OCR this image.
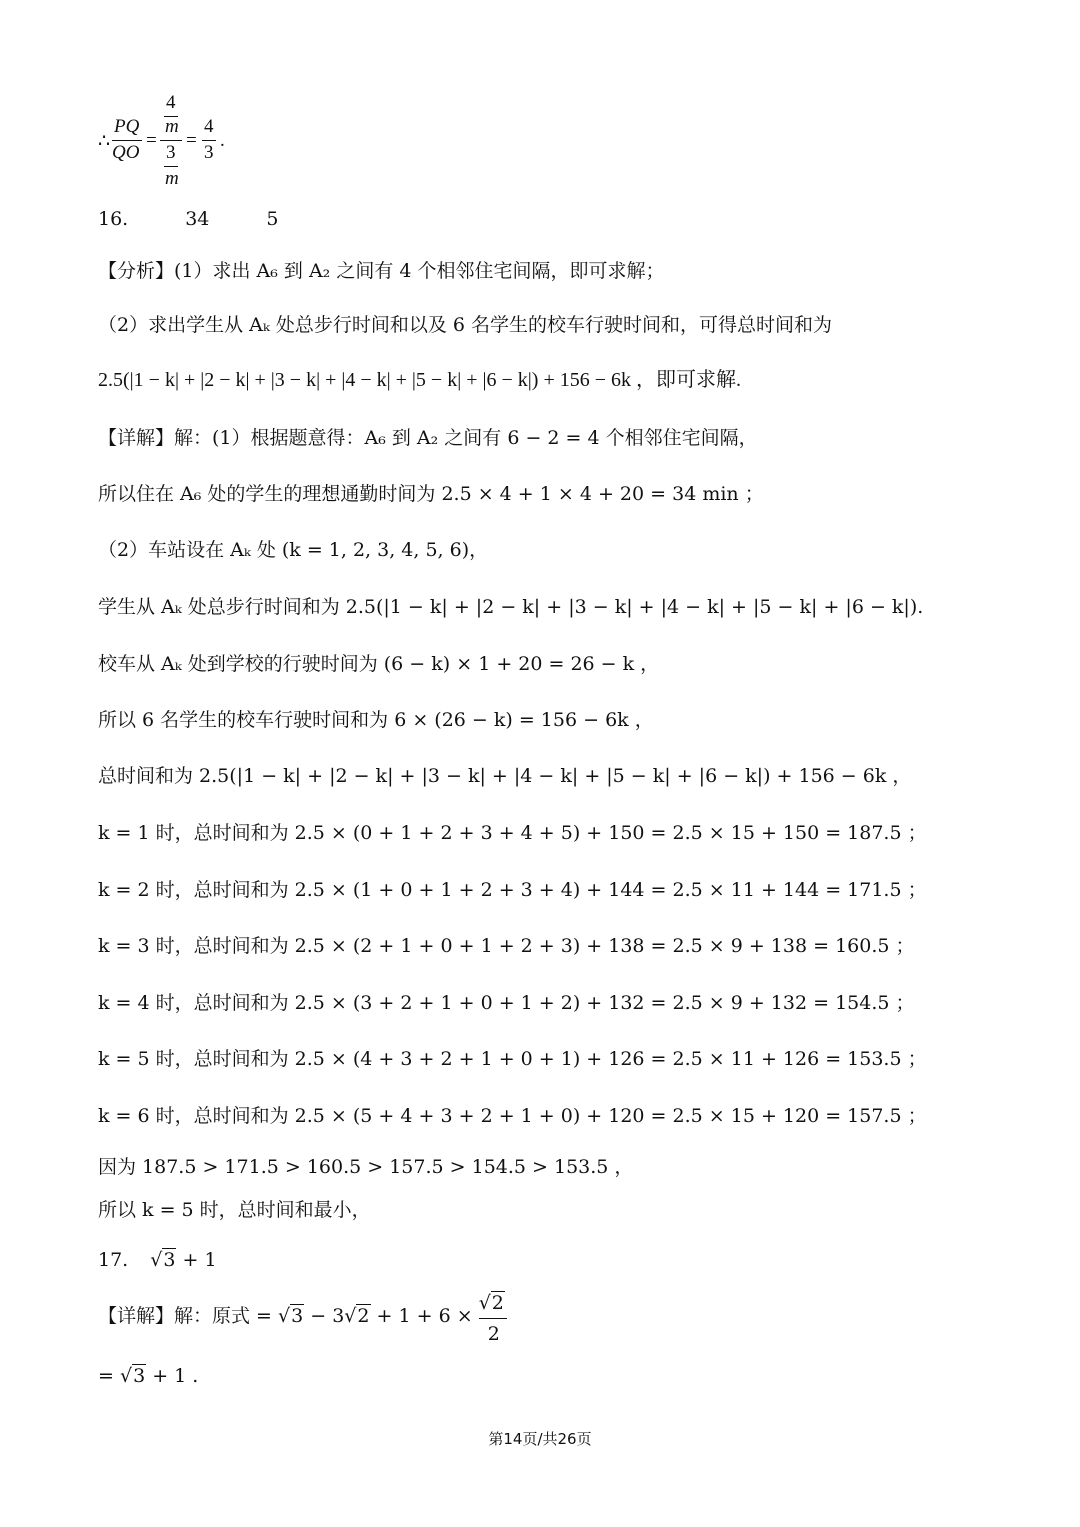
∴
PQ
QO
=
4
m
3
m
=
4
3
.
16.　　　34　　　5
【分析】(1）求出 A₆ 到 A₂ 之间有 4 个相邻住宅间隔，即可求解；
（2）求出学生从 Aₖ 处总步行时间和以及 6 名学生的校车行驶时间和，可得总时间和为
2.5(|1 − k| + |2 − k| + |3 − k| + |4 − k| + |5 − k| + |6 − k|) + 156 − 6k ，即可求解.
【详解】解：(1）根据题意得：A₆ 到 A₂ 之间有 6 − 2 = 4 个相邻住宅间隔，
所以住在 A₆ 处的学生的理想通勤时间为 2.5 × 4 + 1 × 4 + 20 = 34 min ；
（2）车站设在 Aₖ 处 (k = 1, 2, 3, 4, 5, 6)，
学生从 Aₖ 处总步行时间和为 2.5(|1 − k| + |2 − k| + |3 − k| + |4 − k| + |5 − k| + |6 − k|).
校车从 Aₖ 处到学校的行驶时间为 (6 − k) × 1 + 20 = 26 − k ，
所以 6 名学生的校车行驶时间和为 6 × (26 − k) = 156 − 6k ，
总时间和为 2.5(|1 − k| + |2 − k| + |3 − k| + |4 − k| + |5 − k| + |6 − k|) + 156 − 6k ，
k = 1 时，总时间和为 2.5 × (0 + 1 + 2 + 3 + 4 + 5) + 150 = 2.5 × 15 + 150 = 187.5 ；
k = 2 时，总时间和为 2.5 × (1 + 0 + 1 + 2 + 3 + 4) + 144 = 2.5 × 11 + 144 = 171.5 ；
k = 3 时，总时间和为 2.5 × (2 + 1 + 0 + 1 + 2 + 3) + 138 = 2.5 × 9 + 138 = 160.5 ；
k = 4 时，总时间和为 2.5 × (3 + 2 + 1 + 0 + 1 + 2) + 132 = 2.5 × 9 + 132 = 154.5 ；
k = 5 时，总时间和为 2.5 × (4 + 3 + 2 + 1 + 0 + 1) + 126 = 2.5 × 11 + 126 = 153.5 ；
k = 6 时，总时间和为 2.5 × (5 + 4 + 3 + 2 + 1 + 0) + 120 = 2.5 × 15 + 120 = 157.5 ；
因为 187.5 > 171.5 > 160.5 > 157.5 > 154.5 > 153.5 ，
所以 k = 5 时，总时间和最小，
17. √3 + 1
【详解】解：原式 = $√3 - 3√2 + 1 + 6 \times \frac{√2}{2}$
= √3 + 1 .
第14页/共26页
